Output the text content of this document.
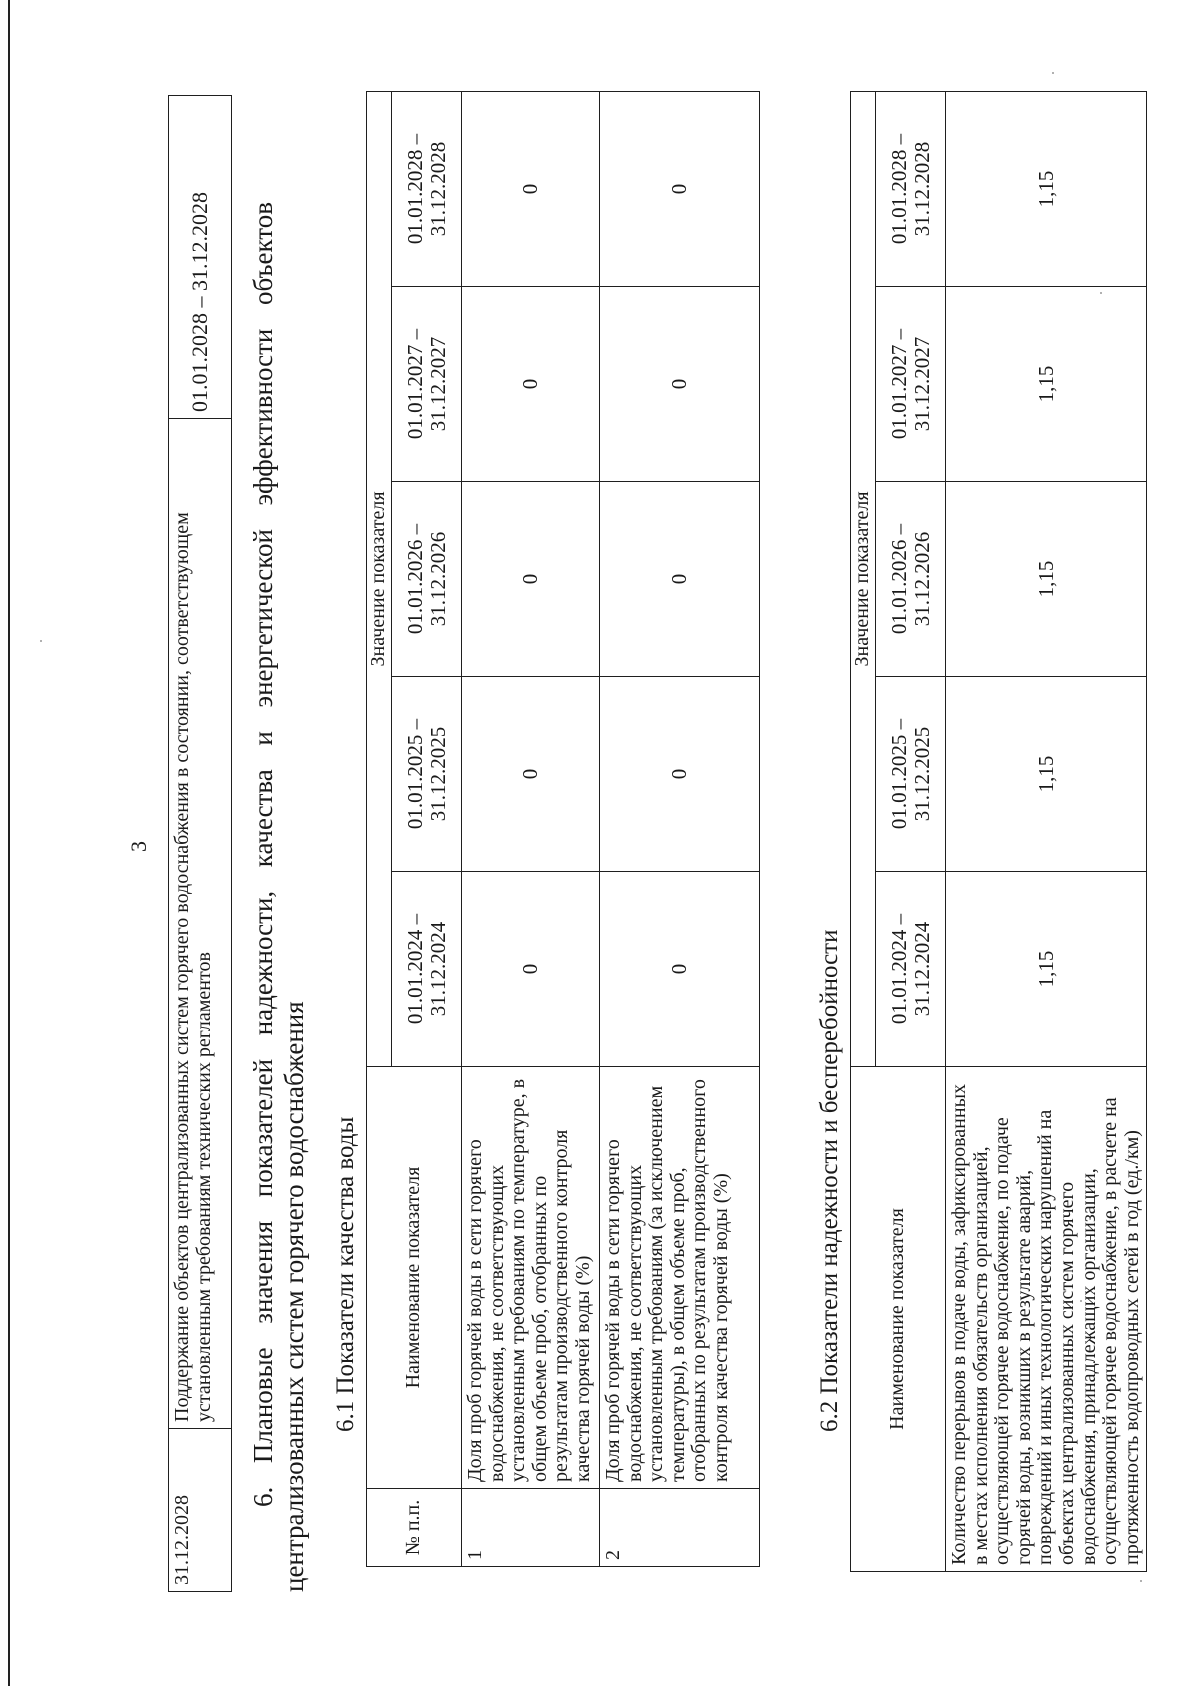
3
31.12.2028	Поддержание объектов централизованных систем горячего водоснабжения в состоянии, соответствующем установленным требованиям технических регламентов	01.01.2028 – 31.12.2028
6.
Плановые
значения
показателей
надежности,
качества
и
энергетической
эффективности
объектов
централизованных систем горячего водоснабжения 6.1 Показатели качества воды
№ п.п.	Наименование показателя	Значение показателя				
		01.01.2024 – 31.12.2024	01.01.2025 – 31.12.2025	01.01.2026 – 31.12.2026	01.01.2027 – 31.12.2027	01.01.2028 – 31.12.2028
1	Доля проб горячей воды в сети горячего водоснабжения, не соответствующих установленным требованиям по температуре, в общем объеме проб, отобранных по результатам производственного контроля качества горячей воды (%)	0	0	0	0	0
2	Доля проб горячей воды в сети горячего водоснабжения, не соответствующих установленным требованиям (за исключением температуры), в общем объеме проб, отобранных по результатам производственного контроля качества горячей воды (%)	0	0	0	0	0
6.2 Показатели надежности и бесперебойности Наименование показателя	Значение показателя				
	01.01.2024 – 31.12.2024	01.01.2025 – 31.12.2025	01.01.2026 – 31.12.2026	01.01.2027 – 31.12.2027	01.01.2028 – 31.12.2028
Количество перерывов в подаче воды, зафиксированных в местах исполнения обязательств организацией, осуществляющей горячее водоснабжение, по подаче горячей воды, возникших в результате аварий, повреждений и иных технологических нарушений на объектах централизованных систем горячего водоснабжения, принадлежащих организации, осуществляющей горячее водоснабжение, в расчете на протяженность водопроводных сетей в год (ед./км)	1,15	1,15	1,15	1,15	1,15
